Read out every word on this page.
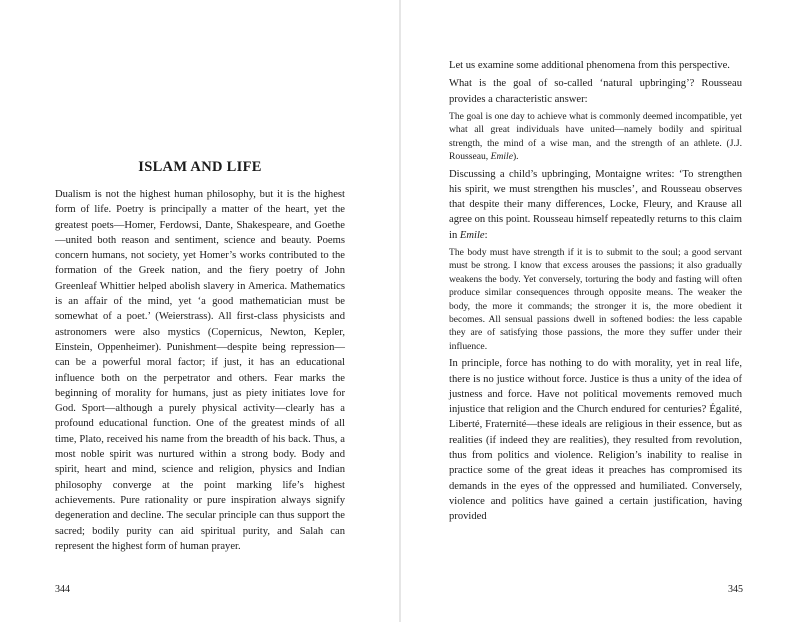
ISLAM AND LIFE

Dualism is not the highest human philosophy, but it is the highest form of life. Poetry is principally a matter of the heart, yet the greatest poets—Homer, Ferdowsi, Dante, Shakespeare, and Goethe—united both reason and sentiment, science and beauty. Poems concern humans, not society, yet Homer’s works contributed to the formation of the Greek nation, and the fiery poetry of John Greenleaf Whittier helped abolish slavery in America. Mathematics is an affair of the mind, yet ‘a good mathematician must be somewhat of a poet.’ (Weierstrass). All first-class physicists and astronomers were also mystics (Copernicus, Newton, Kepler, Einstein, Oppenheimer). Punishment—despite being repression—can be a powerful moral factor; if just, it has an educational influence both on the perpetrator and others. Fear marks the beginning of morality for humans, just as piety initiates love for God. Sport—although a purely physical activity—clearly has a profound educational function. One of the greatest minds of all time, Plato, received his name from the breadth of his back. Thus, a most noble spirit was nurtured within a strong body. Body and spirit, heart and mind, science and religion, physics and Indian philosophy converge at the point marking life’s highest achievements. Pure rationality or pure inspiration always signify degeneration and decline. The secular principle can thus support the sacred; bodily purity can aid spiritual purity, and Salah can represent the highest form of human prayer.

344

Let us examine some additional phenomena from this perspective.

What is the goal of so-called ‘natural upbringing’? Rousseau provides a characteristic answer:

The goal is one day to achieve what is commonly deemed incompatible, yet what all great individuals have united—namely bodily and spiritual strength, the mind of a wise man, and the strength of an athlete. (J.J. Rousseau, Emile).

Discussing a child’s upbringing, Montaigne writes: ‘To strengthen his spirit, we must strengthen his muscles’, and Rousseau observes that despite their many differences, Locke, Fleury, and Krause all agree on this point. Rousseau himself repeatedly returns to this claim in Emile:

The body must have strength if it is to submit to the soul; a good servant must be strong. I know that excess arouses the passions; it also gradually weakens the body. Yet conversely, torturing the body and fasting will often produce similar consequences through opposite means. The weaker the body, the more it commands; the stronger it is, the more obedient it becomes. All sensual passions dwell in softened bodies: the less capable they are of satisfying those passions, the more they suffer under their influence.

In principle, force has nothing to do with morality, yet in real life, there is no justice without force. Justice is thus a unity of the idea of justness and force. Have not political movements removed much injustice that religion and the Church endured for centuries? Égalité, Liberté, Fraternité—these ideals are religious in their essence, but as realities (if indeed they are realities), they resulted from revolution, thus from politics and violence. Religion’s inability to realise in practice some of the great ideas it preaches has compromised its demands in the eyes of the oppressed and humiliated. Conversely, violence and politics have gained a certain justification, having provided

345
